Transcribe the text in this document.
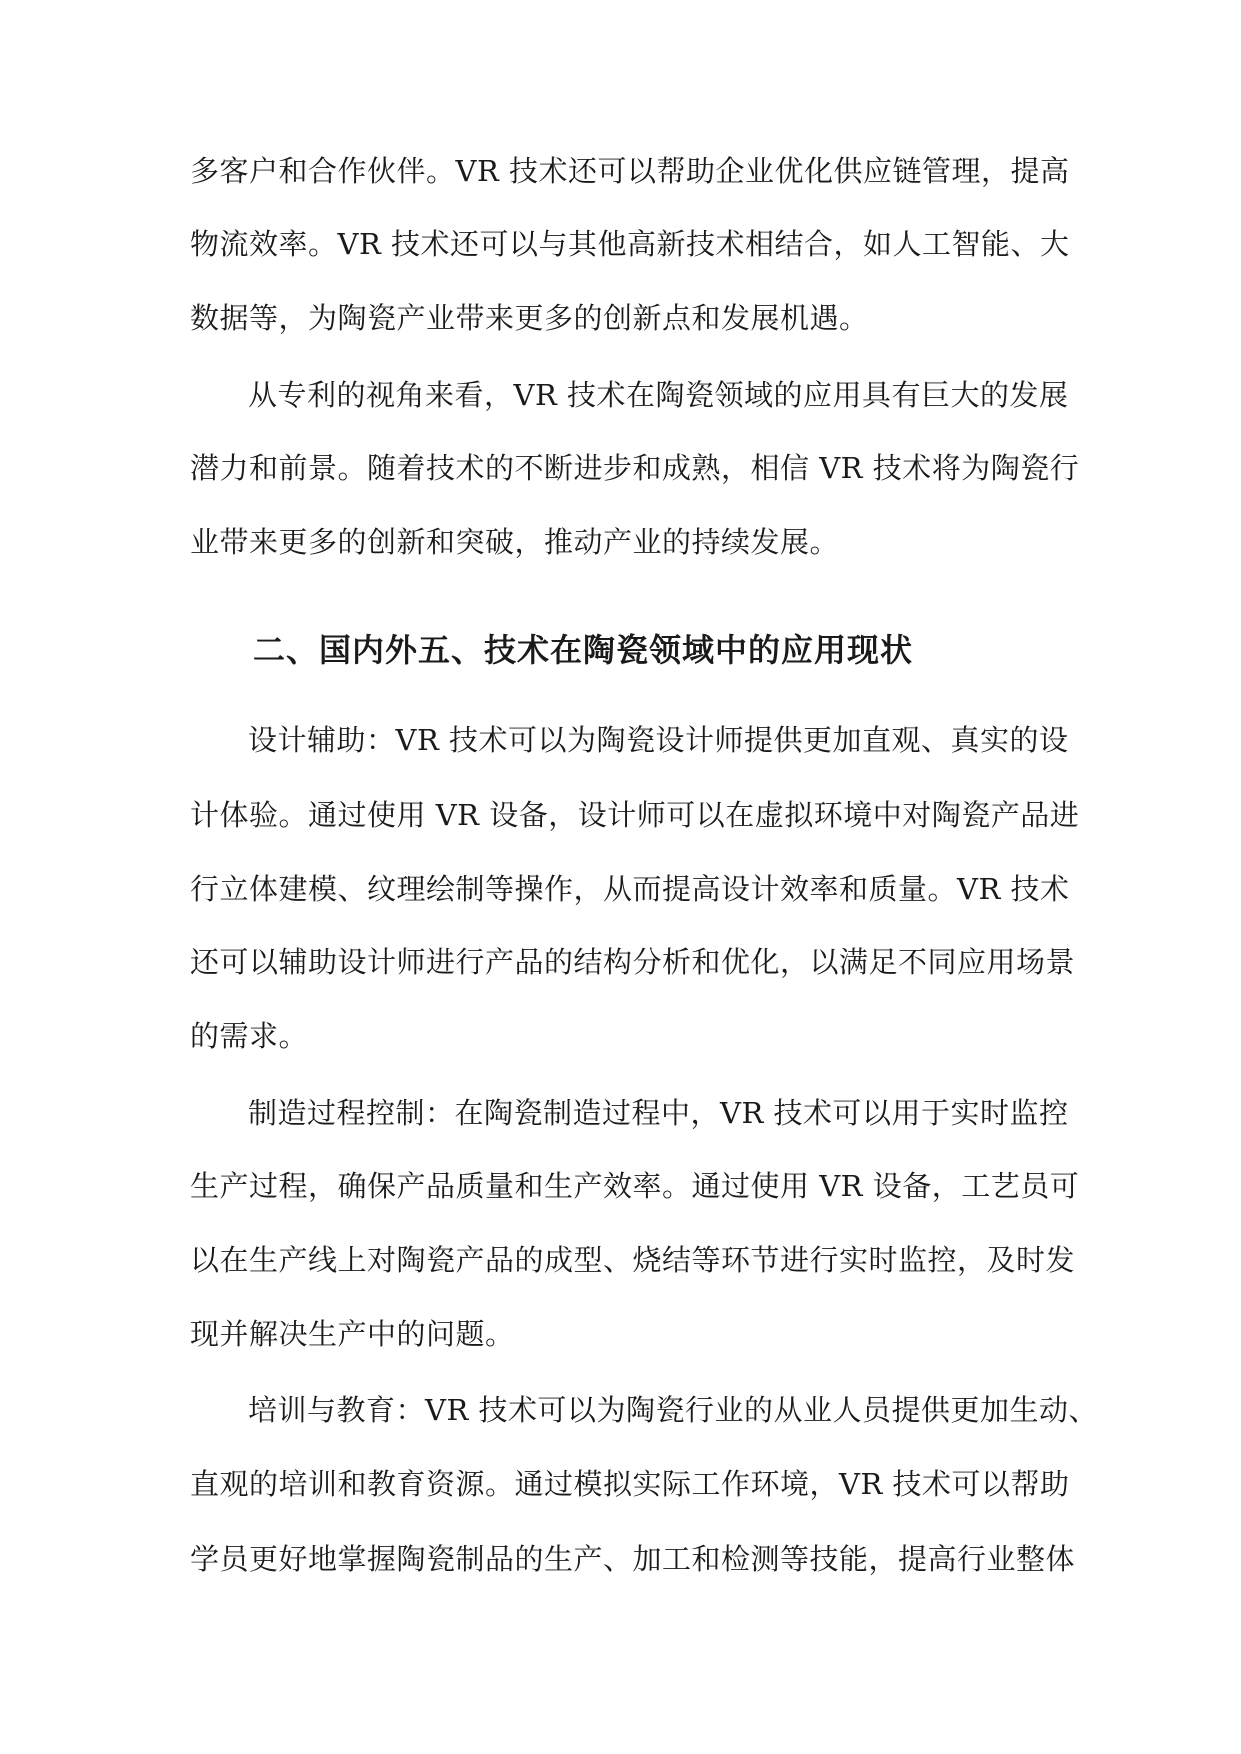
多客户和合作伙伴。VR 技术还可以帮助企业优化供应链管理，提高
物流效率。VR 技术还可以与其他高新技术相结合，如人工智能、大
数据等，为陶瓷产业带来更多的创新点和发展机遇。
从专利的视角来看，VR 技术在陶瓷领域的应用具有巨大的发展
潜力和前景。随着技术的不断进步和成熟，相信 VR 技术将为陶瓷行
业带来更多的创新和突破，推动产业的持续发展。
二、国内外五、技术在陶瓷领域中的应用现状
设计辅助：VR 技术可以为陶瓷设计师提供更加直观、真实的设
计体验。通过使用 VR 设备，设计师可以在虚拟环境中对陶瓷产品进
行立体建模、纹理绘制等操作，从而提高设计效率和质量。VR 技术
还可以辅助设计师进行产品的结构分析和优化，以满足不同应用场景
的需求。
制造过程控制：在陶瓷制造过程中，VR 技术可以用于实时监控
生产过程，确保产品质量和生产效率。通过使用 VR 设备，工艺员可
以在生产线上对陶瓷产品的成型、烧结等环节进行实时监控，及时发
现并解决生产中的问题。
培训与教育：VR 技术可以为陶瓷行业的从业人员提供更加生动、
直观的培训和教育资源。通过模拟实际工作环境，VR 技术可以帮助
学员更好地掌握陶瓷制品的生产、加工和检测等技能，提高行业整体
